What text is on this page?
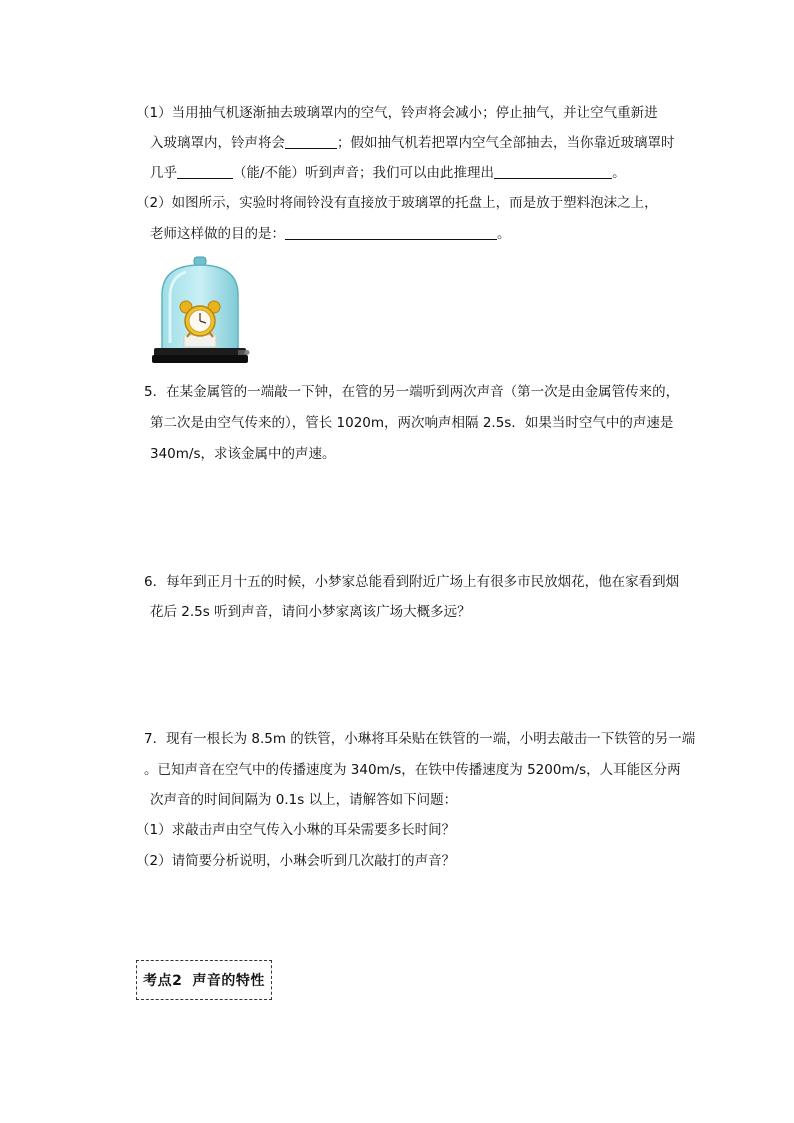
（1）当用抽气机逐渐抽去玻璃罩内的空气，铃声将会减小；停止抽气，并让空气重新进
入玻璃罩内，铃声将会	；假如抽气机若把罩内空气全部抽去，当你靠近玻璃罩时
几乎	（能/不能）听到声音；我们可以由此推理出	。
（2）如图所示，实验时将闹铃没有直接放于玻璃罩的托盘上，而是放于塑料泡沫之上，
老师这样做的目的是：	。
5．在某金属管的一端敲一下钟，在管的另一端听到两次声音（第一次是由金属管传来的，
第二次是由空气传来的），管长 1020m，两次响声相隔 2.5s．如果当时空气中的声速是
340m/s，求该金属中的声速。
6．每年到正月十五的时候，小梦家总能看到附近广场上有很多市民放烟花，他在家看到烟
花后 2.5s 听到声音，请问小梦家离该广场大概多远？
7．现有一根长为 8.5m 的铁管，小琳将耳朵贴在铁管的一端，小明去敲击一下铁管的另一端
。已知声音在空气中的传播速度为 340m/s，在铁中传播速度为 5200m/s，人耳能区分两
次声音的时间间隔为 0.1s 以上，请解答如下问题：
（1）求敲击声由空气传入小琳的耳朵需要多长时间？
（2）请简要分析说明，小琳会听到几次敲打的声音？
考点2 声音的特性
